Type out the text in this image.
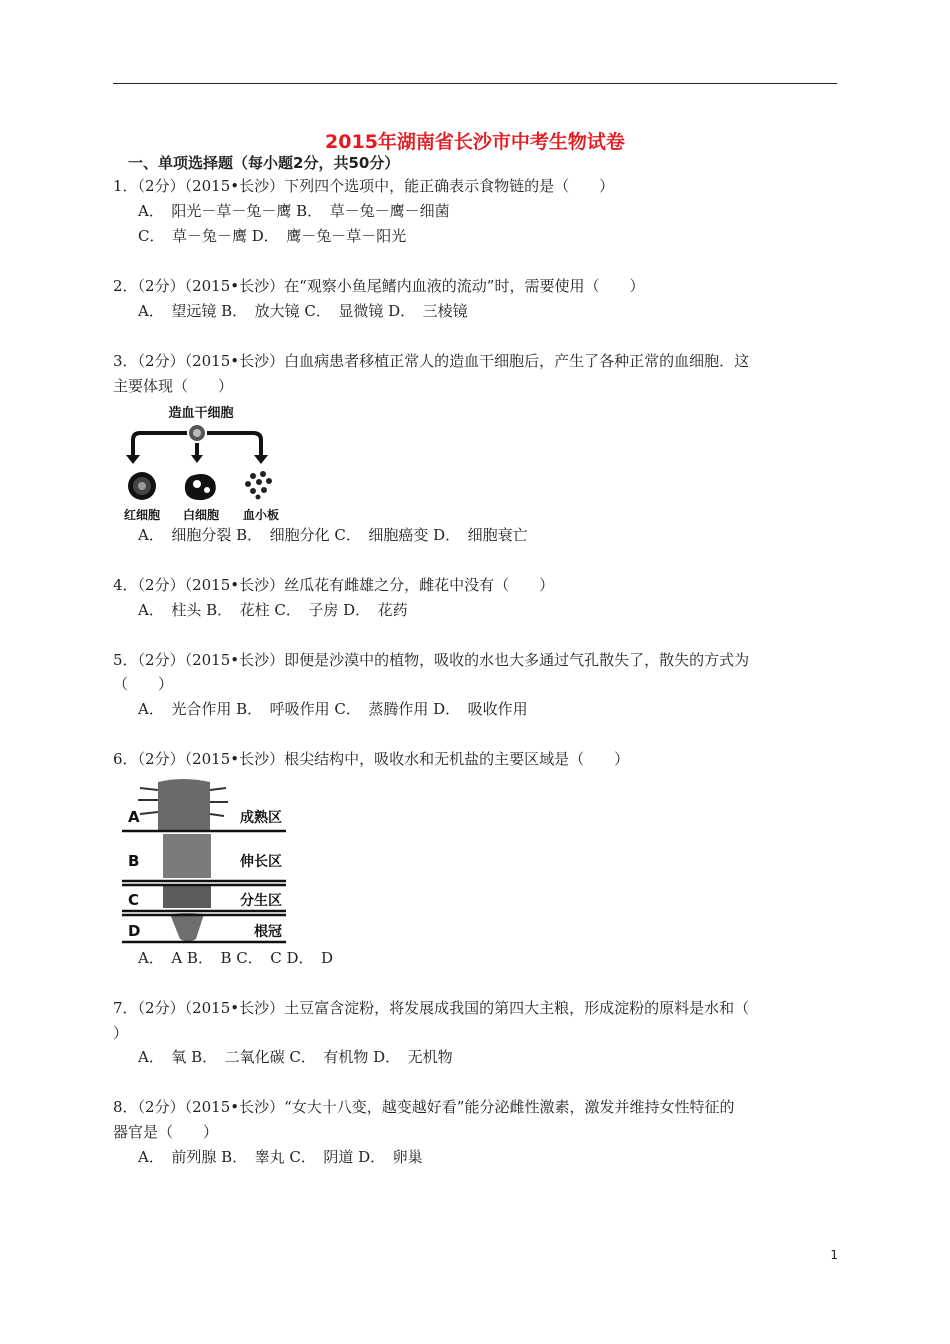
2015年湖南省长沙市中考生物试卷
一、单项选择题（每小题2分，共50分）
1．（2分）（2015•长沙）下列四个选项中，能正确表示食物链的是（　　）
A．　阳光－草－兔－鹰 B．　草－兔－鹰－细菌
C．　草－兔－鹰 D．　鹰－兔－草－阳光
2．（2分）（2015•长沙）在“观察小鱼尾鳍内血液的流动”时，需要使用（　　）
A．　望远镜 B．　放大镜 C．　显微镜 D．　三棱镜
3．（2分）（2015•长沙）白血病患者移植正常人的造血干细胞后，产生了各种正常的血细胞．这
主要体现（　　）
造血干细胞
红细胞 白细胞 血小板
A．　细胞分裂 B．　细胞分化 C．　细胞癌变 D．　细胞衰亡
4．（2分）（2015•长沙）丝瓜花有雌雄之分，雌花中没有（　　）
A．　柱头 B．　花柱 C．　子房 D．　花药
5．（2分）（2015•长沙）即便是沙漠中的植物，吸收的水也大多通过气孔散失了，散失的方式为
（　　）
A．　光合作用 B．　呼吸作用 C．　蒸腾作用 D．　吸收作用
6．（2分）（2015•长沙）根尖结构中，吸收水和无机盐的主要区域是（　　）
A	成熟区
B	伸长区
C	分生区
D	根冠
A．　A B．　B C．　C D．　D
7．（2分）（2015•长沙）土豆富含淀粉，将发展成我国的第四大主粮，形成淀粉的原料是水和（
）
A．　氧 B．　二氧化碳 C．　有机物 D．　无机物
8．（2分）（2015•长沙）“女大十八变，越变越好看”能分泌雌性激素，激发并维持女性特征的
器官是（　　）
A．　前列腺 B．　睾丸 C．　阴道 D．　卵巢
1
